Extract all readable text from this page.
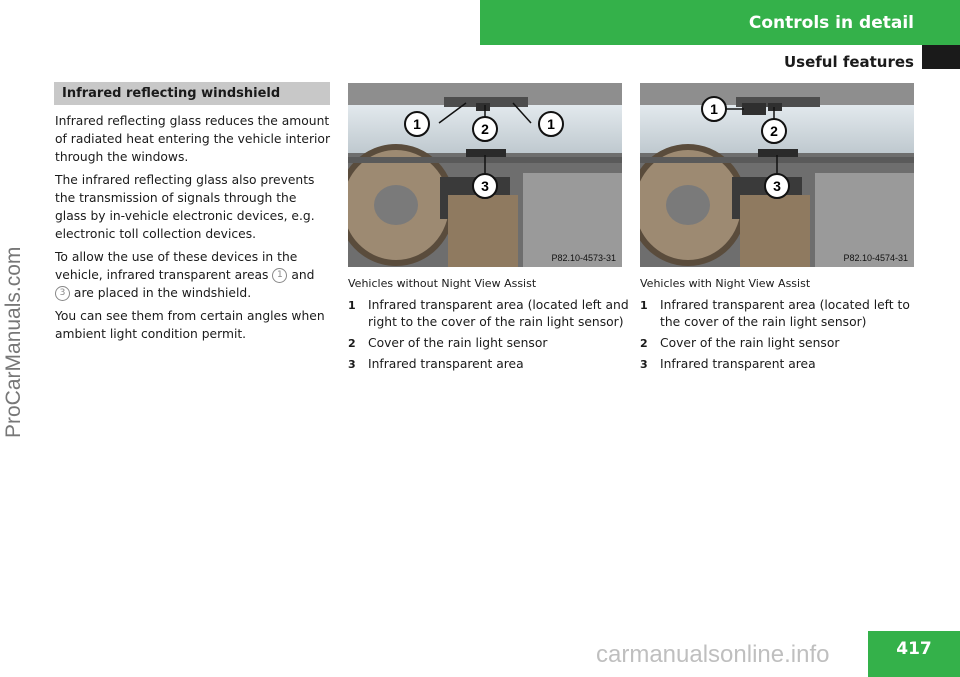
Controls in detail
Useful features
ProCarManuals.com
Infrared reflecting windshield

Infrared reflecting glass reduces the amount of radiated heat entering the vehicle interior through the windows.

The infrared reflecting glass also prevents the transmission of signals through the glass by in-vehicle electronic devices, e.g. electronic toll collection devices.

To allow the use of these devices in the vehicle, infrared transparent areas 1 and
3 are placed in the windshield.

You can see them from certain angles when ambient light condition permit.

1	2	1
3
P82.10-4573-31
1
2
3
P82.10-4574-31
Vehicles without Night View Assist
1	Infrared transparent area (located left and right to the cover of the rain light sensor)
2	Cover of the rain light sensor
3	Infrared transparent area
Vehicles with Night View Assist
1	Infrared transparent area (located left to the cover of the rain light sensor)
2	Cover of the rain light sensor
3	Infrared transparent area
417
carmanualsonline.info
